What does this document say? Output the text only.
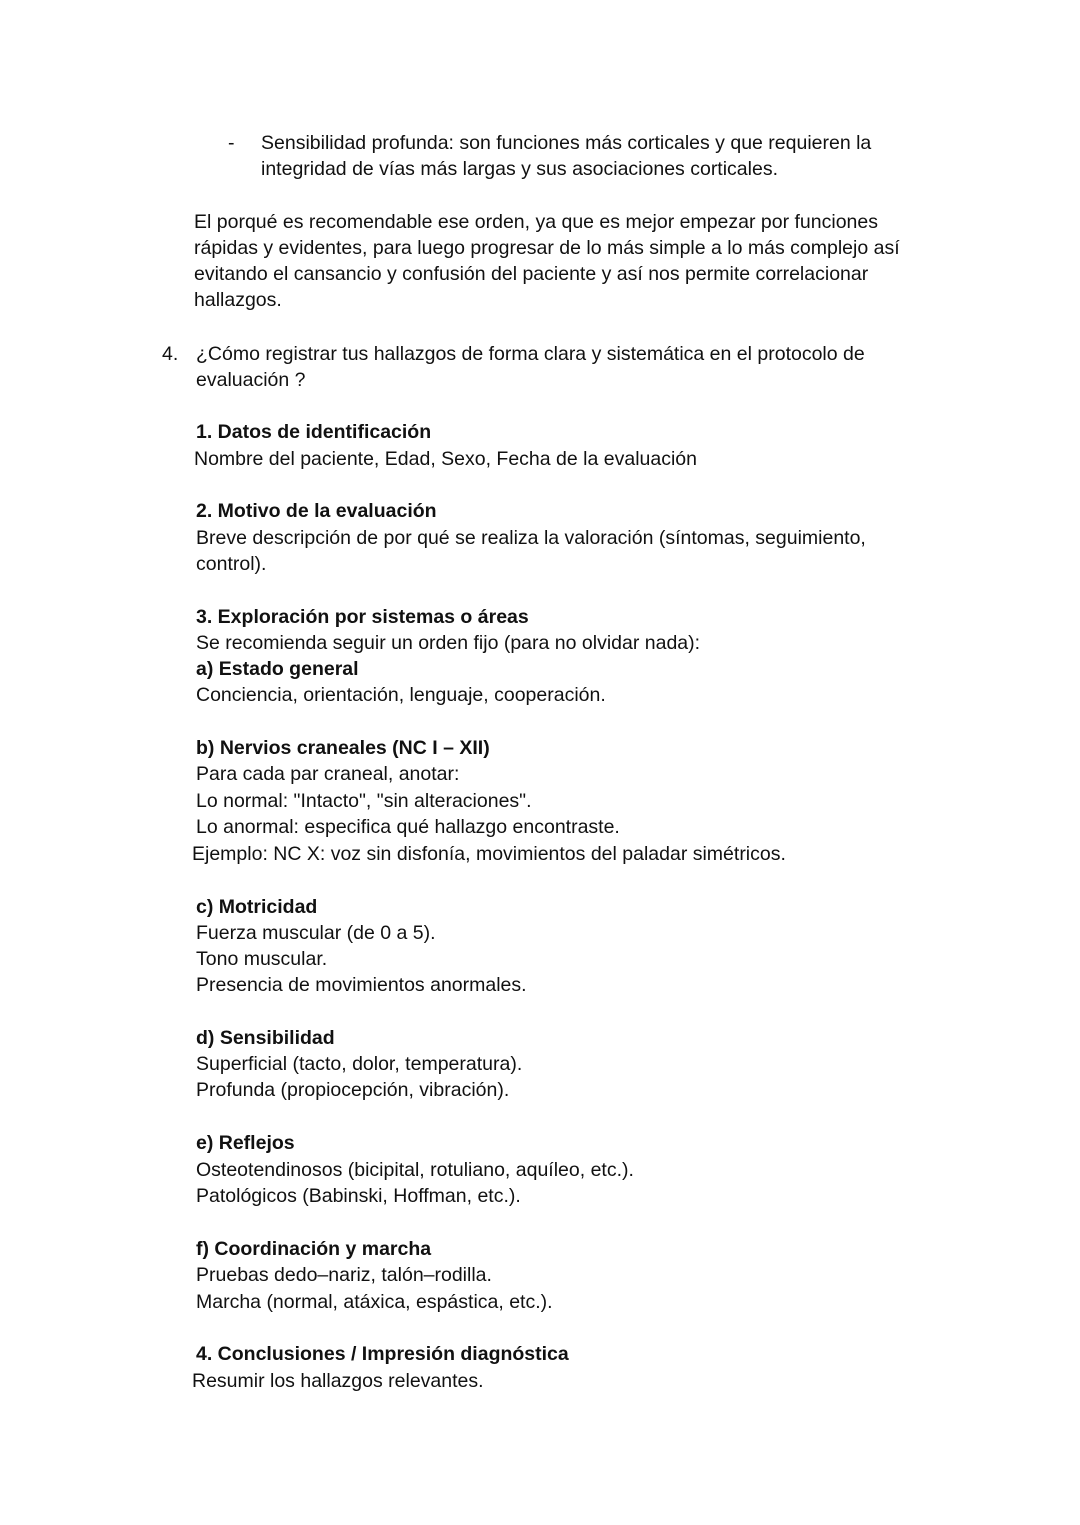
- Sensibilidad profunda: son funciones más corticales y que requieren la
integridad de vías más largas y sus asociaciones corticales.
El porqué es recomendable ese orden, ya que es mejor empezar por funciones
rápidas y evidentes, para luego progresar de lo más simple a lo más complejo así
evitando el cansancio y confusión del paciente y así nos permite correlacionar
hallazgos.
4. ¿Cómo registrar tus hallazgos de forma clara y sistemática en el protocolo de
evaluación ?
1. Datos de identificación
Nombre del paciente, Edad, Sexo, Fecha de la evaluación
2. Motivo de la evaluación
Breve descripción de por qué se realiza la valoración (síntomas, seguimiento,
control).
3. Exploración por sistemas o áreas
Se recomienda seguir un orden fijo (para no olvidar nada):
a) Estado general
Conciencia, orientación, lenguaje, cooperación.
b) Nervios craneales (NC I – XII)
Para cada par craneal, anotar:
Lo normal: "Intacto", "sin alteraciones".
Lo anormal: especifica qué hallazgo encontraste.
Ejemplo: NC X: voz sin disfonía, movimientos del paladar simétricos.
c) Motricidad
Fuerza muscular (de 0 a 5).
Tono muscular.
Presencia de movimientos anormales.
d) Sensibilidad
Superficial (tacto, dolor, temperatura).
Profunda (propiocepción, vibración).
e) Reflejos
Osteotendinosos (bicipital, rotuliano, aquíleo, etc.).
Patológicos (Babinski, Hoffman, etc.).
f) Coordinación y marcha
Pruebas dedo–nariz, talón–rodilla.
Marcha (normal, atáxica, espástica, etc.).
4. Conclusiones / Impresión diagnóstica
Resumir los hallazgos relevantes.
